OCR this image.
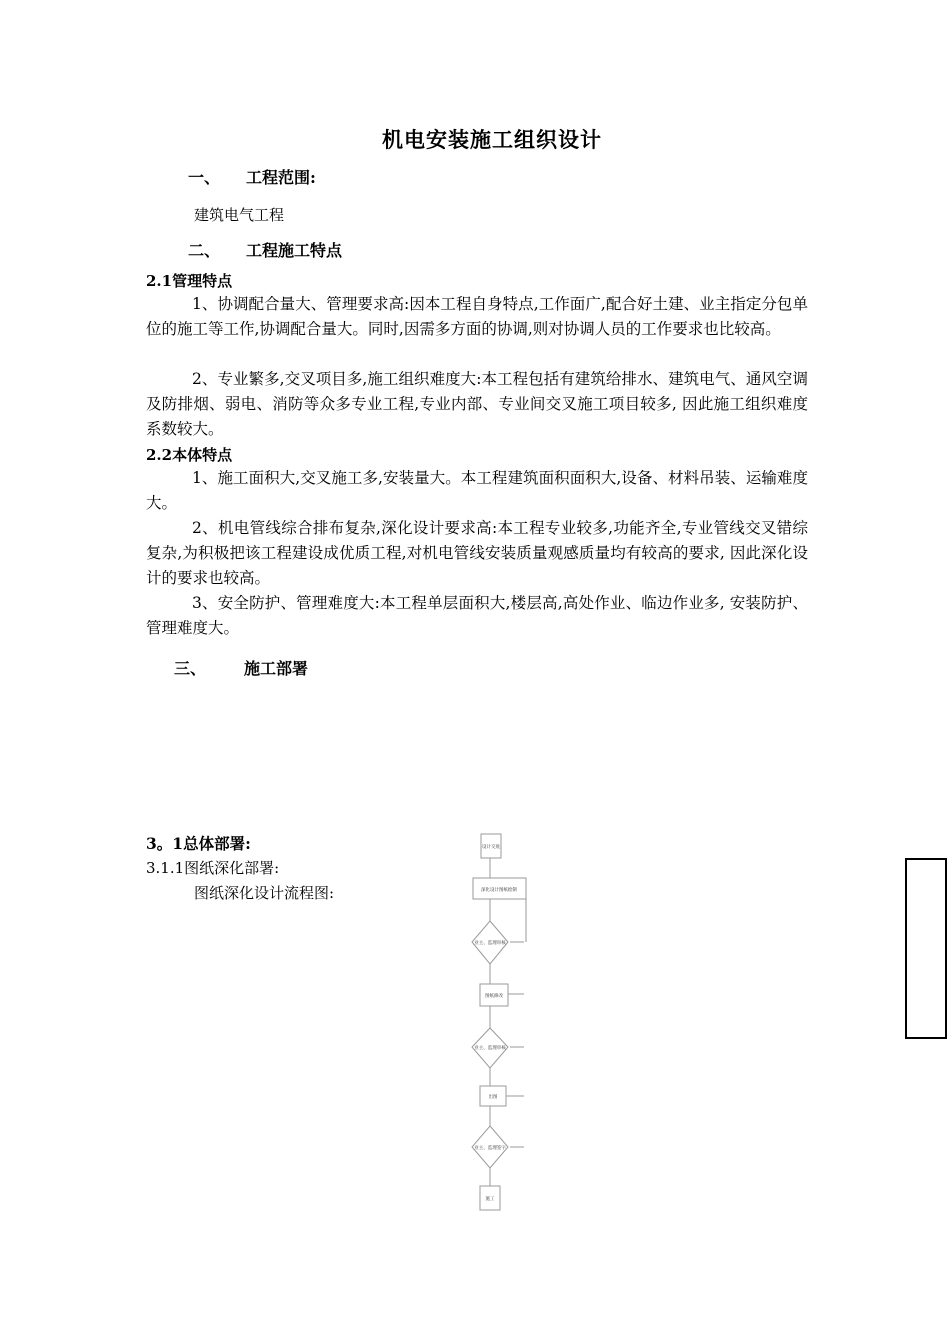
机电安装施工组织设计
一、 工程范围:
建筑电气工程
二、 工程施工特点
2.1管理特点

1、协调配合量大、管理要求高:因本工程自身特点,工作面广,配合好土建、业主指定分包单位的施工等工作,协调配合量大。同时,因需多方面的协调,则对协调人员的工作要求也比较高。

2、专业繁多,交叉项目多,施工组织难度大:本工程包括有建筑给排水、建筑电气、通风空调及防排烟、弱电、消防等众多专业工程,专业内部、专业间交叉施工项目较多, 因此施工组织难度系数较大。

2.2本体特点

1、施工面积大,交叉施工多,安装量大。本工程建筑面积面积大,设备、材料吊装、运输难度大。

2、机电管线综合排布复杂,深化设计要求高:本工程专业较多,功能齐全,专业管线交叉错综复杂,为积极把该工程建设成优质工程,对机电管线安装质量观感质量均有较高的要求, 因此深化设计的要求也较高。

3、安全防护、管理难度大:本工程单层面积大,楼层高,高处作业、临边作业多, 安装防护、管理难度大。

三、 施工部署
3。1总体部署:
3.1.1图纸深化部署:
图纸深化设计流程图:
设计交底
深化设计图纸绘制
业主、监理审核
图纸修改
业主、监理审核
出图
业主、监理签字
施工
